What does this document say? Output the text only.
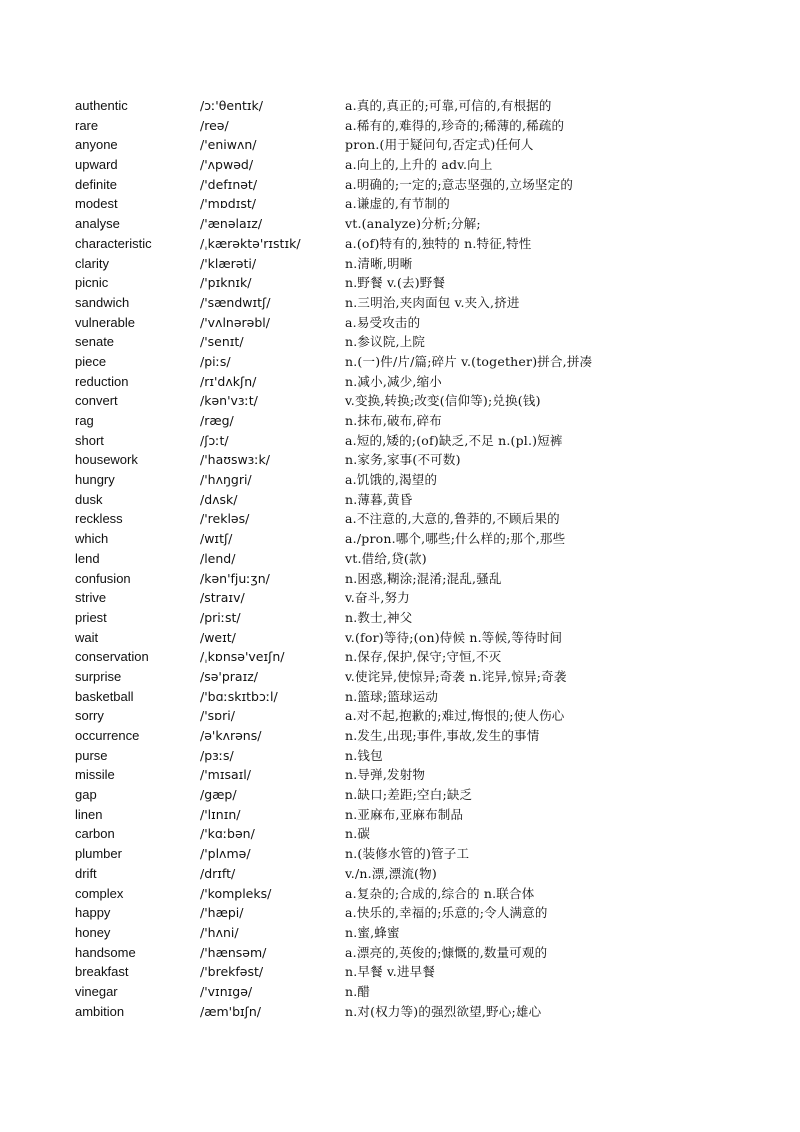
authentic	/ɔː'θentɪk/	a.真的,真正的;可靠,可信的,有根据的
rare	/reə/	a.稀有的,难得的,珍奇的;稀薄的,稀疏的
anyone	/'eniwʌn/	pron.(用于疑问句,否定式)任何人
upward	/'ʌpwəd/	a.向上的,上升的 adv.向上
definite	/'defɪnət/	a.明确的;一定的;意志坚强的,立场坚定的
modest	/'mɒdɪst/	a.谦虚的,有节制的
analyse	/'ænəlaɪz/	vt.(analyze)分析;分解;
characteristic	/ˌkærəktə'rɪstɪk/	a.(of)特有的,独特的 n.特征,特性
clarity	/'klærəti/	n.清晰,明晰
picnic	/'pɪknɪk/	n.野餐 v.(去)野餐
sandwich	/'sændwɪtʃ/	n.三明治,夹肉面包 v.夹入,挤进
vulnerable	/'vʌlnərəbl/	a.易受攻击的
senate	/'senɪt/	n.参议院,上院
piece	/piːs/	n.(一)件/片/篇;碎片 v.(together)拼合,拼凑
reduction	/rɪ'dʌkʃn/	n.减小,减少,缩小
convert	/kən'vɜːt/	v.变换,转换;改变(信仰等);兑换(钱)
rag	/ræg/	n.抹布,破布,碎布
short	/ʃɔːt/	a.短的,矮的;(of)缺乏,不足 n.(pl.)短裤
housework	/'haʊswɜːk/	n.家务,家事(不可数)
hungry	/'hʌŋgri/	a.饥饿的,渴望的
dusk	/dʌsk/	n.薄暮,黄昏
reckless	/'rekləs/	a.不注意的,大意的,鲁莽的,不顾后果的
which	/wɪtʃ/	a./pron.哪个,哪些;什么样的;那个,那些
lend	/lend/	vt.借给,贷(款)
confusion	/kən'fjuːʒn/	n.困惑,糊涂;混淆;混乱,骚乱
strive	/straɪv/	v.奋斗,努力
priest	/priːst/	n.教士,神父
wait	/weɪt/	v.(for)等待;(on)侍候 n.等候,等待时间
conservation	/ˌkɒnsə'veɪʃn/	n.保存,保护,保守;守恒,不灭
surprise	/sə'praɪz/	v.使诧异,使惊异;奇袭 n.诧异,惊异;奇袭
basketball	/'bɑːskɪtbɔːl/	n.篮球;篮球运动
sorry	/'sɒri/	a.对不起,抱歉的;难过,悔恨的;使人伤心
occurrence	/ə'kʌrəns/	n.发生,出现;事件,事故,发生的事情
purse	/pɜːs/	n.钱包
missile	/'mɪsaɪl/	n.导弹,发射物
gap	/gæp/	n.缺口;差距;空白;缺乏
linen	/'lɪnɪn/	n.亚麻布,亚麻布制品
carbon	/'kɑːbən/	n.碳
plumber	/'plʌmə/	n.(装修水管的)管子工
drift	/drɪft/	v./n.漂,漂流(物)
complex	/'kompleks/	a.复杂的;合成的,综合的 n.联合体
happy	/'hæpi/	a.快乐的,幸福的;乐意的;令人满意的
honey	/'hʌni/	n.蜜,蜂蜜
handsome	/'hænsəm/	a.漂亮的,英俊的;慷慨的,数量可观的
breakfast	/'brekfəst/	n.早餐 v.进早餐
vinegar	/'vɪnɪgə/	n.醋
ambition	/æm'bɪʃn/	n.对(权力等)的强烈欲望,野心;雄心
